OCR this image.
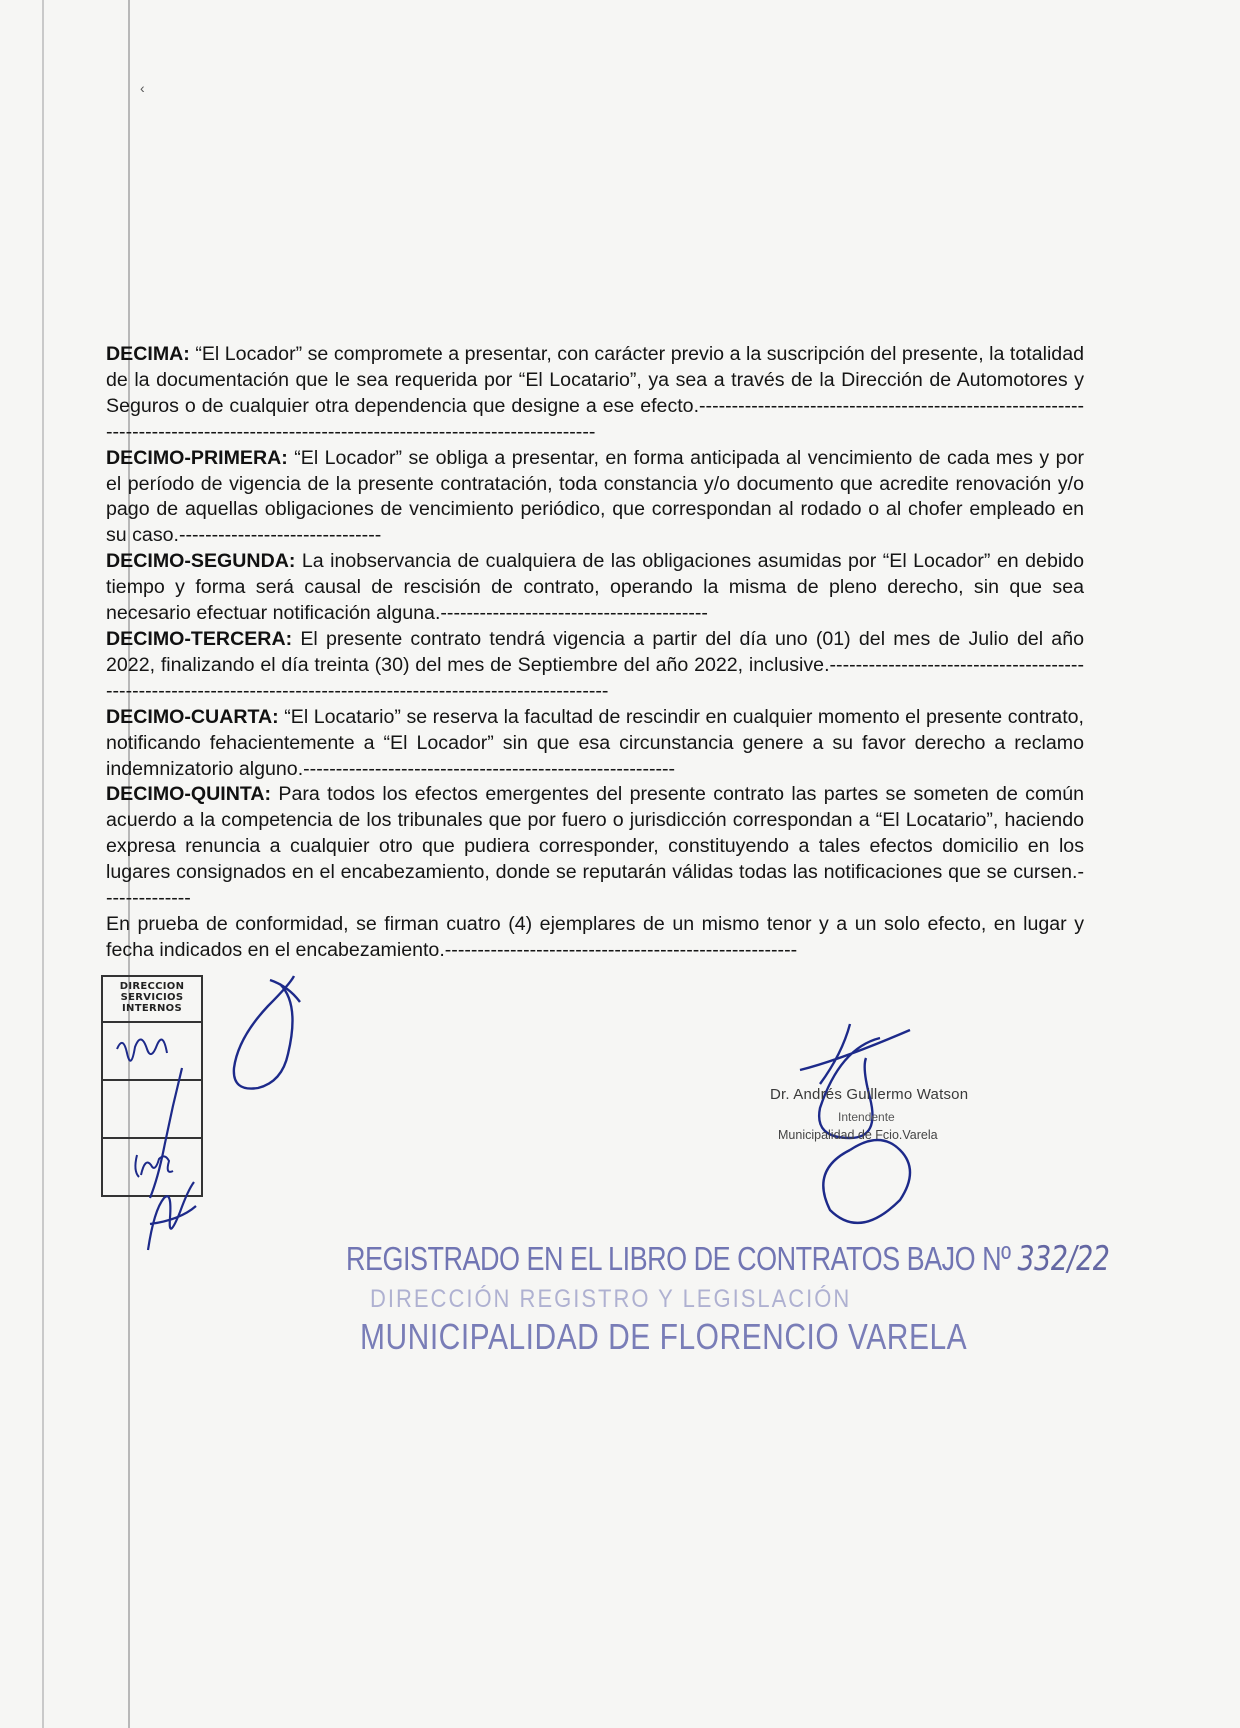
‹

DECIMA: “El Locador” se compromete a presentar, con carácter previo a la suscripción del presente, la totalidad de la documentación que le sea requerida por “El Locatario”, ya sea a través de la Dirección de Automotores y Seguros o de cualquier otra dependencia que designe a ese efecto.--------------------------------------------------------------------------------------------------------------------------------------

DECIMO-PRIMERA: “El Locador” se obliga a presentar, en forma anticipada al vencimiento de cada mes y por el período de vigencia de la presente contratación, toda constancia y/o documento que acredite renovación y/o pago de aquellas obligaciones de vencimiento periódico, que correspondan al rodado o al chofer empleado en su caso.-------------------------------

DECIMO-SEGUNDA: La inobservancia de cualquiera de las obligaciones asumidas por “El Locador” en debido tiempo y forma será causal de rescisión de contrato, operando la misma de pleno derecho, sin que sea necesario efectuar notificación alguna.-----------------------------------------

DECIMO-TERCERA: El presente contrato tendrá vigencia a partir del día uno (01) del mes de Julio del año 2022, finalizando el día treinta (30) del mes de Septiembre del año 2022, inclusive.--------------------------------------------------------------------------------------------------------------------

DECIMO-CUARTA: “El Locatario” se reserva la facultad de rescindir en cualquier momento el presente contrato, notificando fehacientemente a “El Locador” sin que esa circunstancia genere a su favor derecho a reclamo indemnizatorio alguno.---------------------------------------------------------

DECIMO-QUINTA: Para todos los efectos emergentes del presente contrato las partes se someten de común acuerdo a la competencia de los tribunales que por fuero o jurisdicción correspondan a “El Locatario”, haciendo expresa renuncia a cualquier otro que pudiera corresponder, constituyendo a tales efectos domicilio en los lugares consignados en el encabezamiento, donde se reputarán válidas todas las notificaciones que se cursen.--------------

En prueba de conformidad, se firman cuatro (4) ejemplares de un mismo tenor y a un solo efecto, en lugar y fecha indicados en el encabezamiento.------------------------------------------------------

DIRECCION
SERVICIOS
INTERNOS
Dr. Andrés Guillermo Watson
Intendente
Municipalidad de Fcio.Varela
REGISTRADO EN EL LIBRO DE CONTRATOS BAJO Nº 332/22
DIRECCIÓN REGISTRO Y LEGISLACIÓN
MUNICIPALIDAD DE FLORENCIO VARELA
